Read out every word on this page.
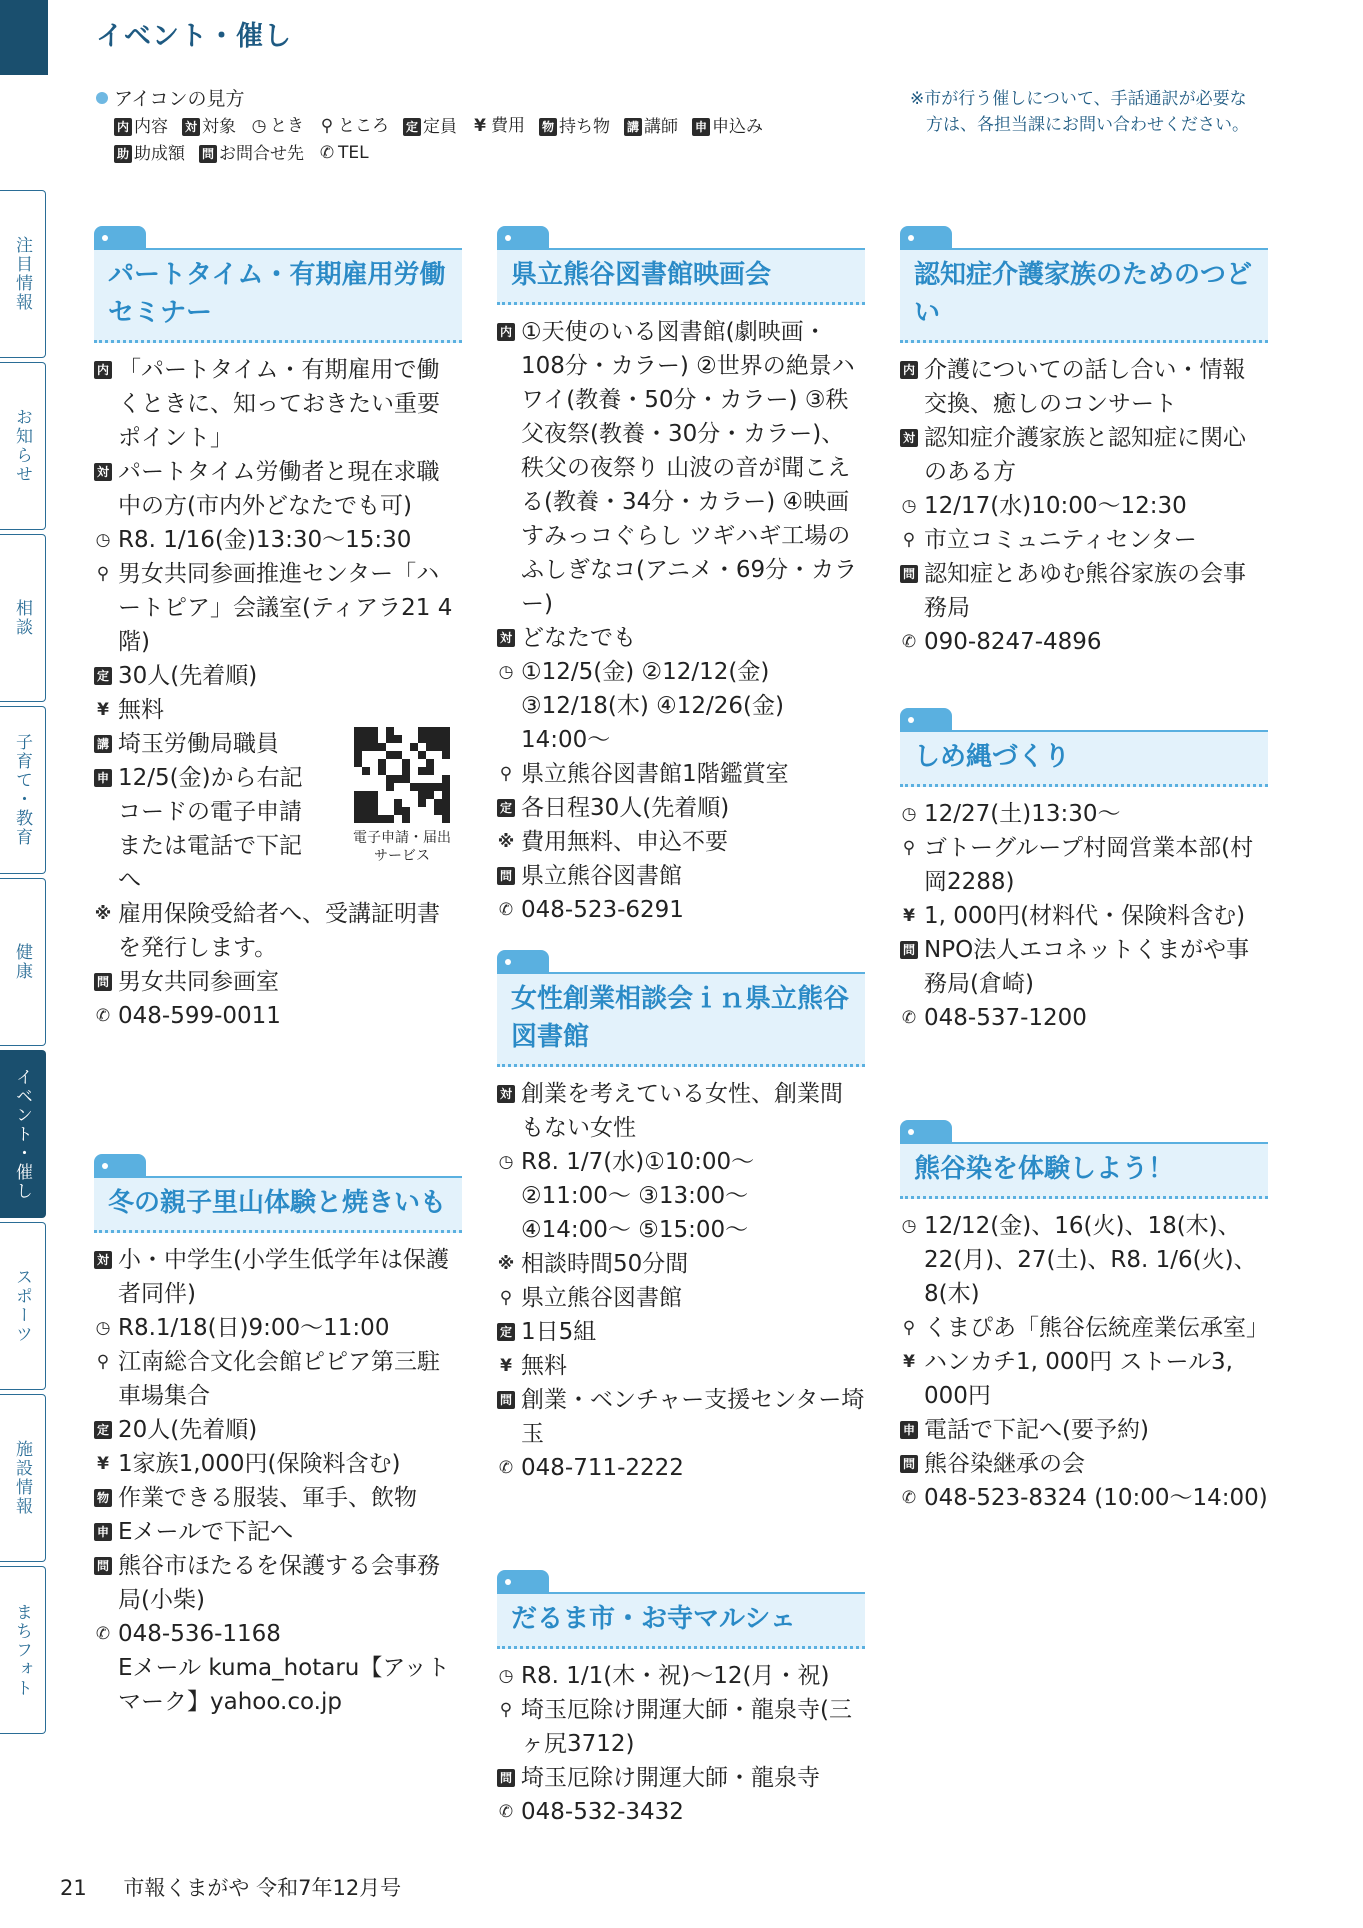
イベント・催し
注目情報
お知らせ
相談
子育て・教育
健康
イベント・催し
スポーツ
施設情報
まちフォト
アイコンの見方
内 内容 対 対象 ◷ とき ⚲ ところ 定 定員 ¥ 費用 物 持ち物 講 講師 申 申込み
助 助成額 問 お問合せ先 ✆ TEL
※市が行う催しについて、手話通訳が必要な
方は、各担当課にお問い合わせください。
パートタイム・有期雇用労働
セミナー
内 「パートタイム・有期雇用で働くときに、知っておきたい重要ポイント」
対 パートタイム労働者と現在求職中の方(市内外どなたでも可)
◷ R8. 1/16(金)13:30〜15:30
⚲ 男女共同参画推進センター「ハートピア」会議室(ティアラ21 4階)
定 30人(先着順)
¥ 無料
講 埼玉労働局職員
申 12/5(金)から右記コードの電子申請または電話で下記へ
電子申請・届出
サービス
※ 雇用保険受給者へ、受講証明書を発行します。
問 男女共同参画室
✆ 048-599-0011
冬の親子里山体験と焼きいも
対 小・中学生(小学生低学年は保護者同伴)
◷ R8.1/18(日)9:00〜11:00
⚲ 江南総合文化会館ピピア第三駐車場集合
定 20人(先着順)
¥ 1家族1,000円(保険料含む)
物 作業できる服装、軍手、飲物
申 Eメールで下記へ
問 熊谷市ほたるを保護する会事務局(小柴)
✆ 048-536-1168
Eメール kuma_hotaru【アットマーク】yahoo.co.jp
県立熊谷図書館映画会
内 ①天使のいる図書館(劇映画・108分・カラー) ②世界の絶景ハワイ(教養・50分・カラー) ③秩父夜祭(教養・30分・カラー)、秩父の夜祭り 山波の音が聞こえる(教養・34分・カラー) ④映画すみっコぐらし ツギハギ工場のふしぎなコ(アニメ・69分・カラー)
対 どなたでも
◷ ①12/5(金) ②12/12(金) ③12/18(木) ④12/26(金) 14:00〜
⚲ 県立熊谷図書館1階鑑賞室
定 各日程30人(先着順)
※ 費用無料、申込不要
問 県立熊谷図書館
✆ 048-523-6291
女性創業相談会ｉｎ県立熊谷
図書館
対 創業を考えている女性、創業間もない女性
◷ R8. 1/7(水)①10:00〜 ②11:00〜 ③13:00〜 ④14:00〜 ⑤15:00〜
※ 相談時間50分間
⚲ 県立熊谷図書館
定 1日5組
¥ 無料
問 創業・ベンチャー支援センター埼玉
✆ 048-711-2222
だるま市・お寺マルシェ
◷ R8. 1/1(木・祝)〜12(月・祝)
⚲ 埼玉厄除け開運大師・龍泉寺(三ヶ尻3712)
問 埼玉厄除け開運大師・龍泉寺
✆ 048-532-3432
認知症介護家族のためのつどい
内 介護についての話し合い・情報交換、癒しのコンサート
対 認知症介護家族と認知症に関心のある方
◷ 12/17(水)10:00〜12:30
⚲ 市立コミュニティセンター
問 認知症とあゆむ熊谷家族の会事務局
✆ 090-8247-4896
しめ縄づくり
◷ 12/27(土)13:30〜
⚲ ゴトーグループ村岡営業本部(村岡2288)
¥ 1, 000円(材料代・保険料含む)
問 NPO法人エコネットくまがや事務局(倉崎)
✆ 048-537-1200
熊谷染を体験しよう！
◷ 12/12(金)、16(火)、18(木)、22(月)、27(土)、R8. 1/6(火)、8(木)
⚲ くまぴあ「熊谷伝統産業伝承室」
¥ ハンカチ1, 000円 ストール3, 000円
申 電話で下記へ(要予約)
問 熊谷染継承の会
✆ 048-523-8324 (10:00〜14:00)
21 市報くまがや 令和7年12月号
